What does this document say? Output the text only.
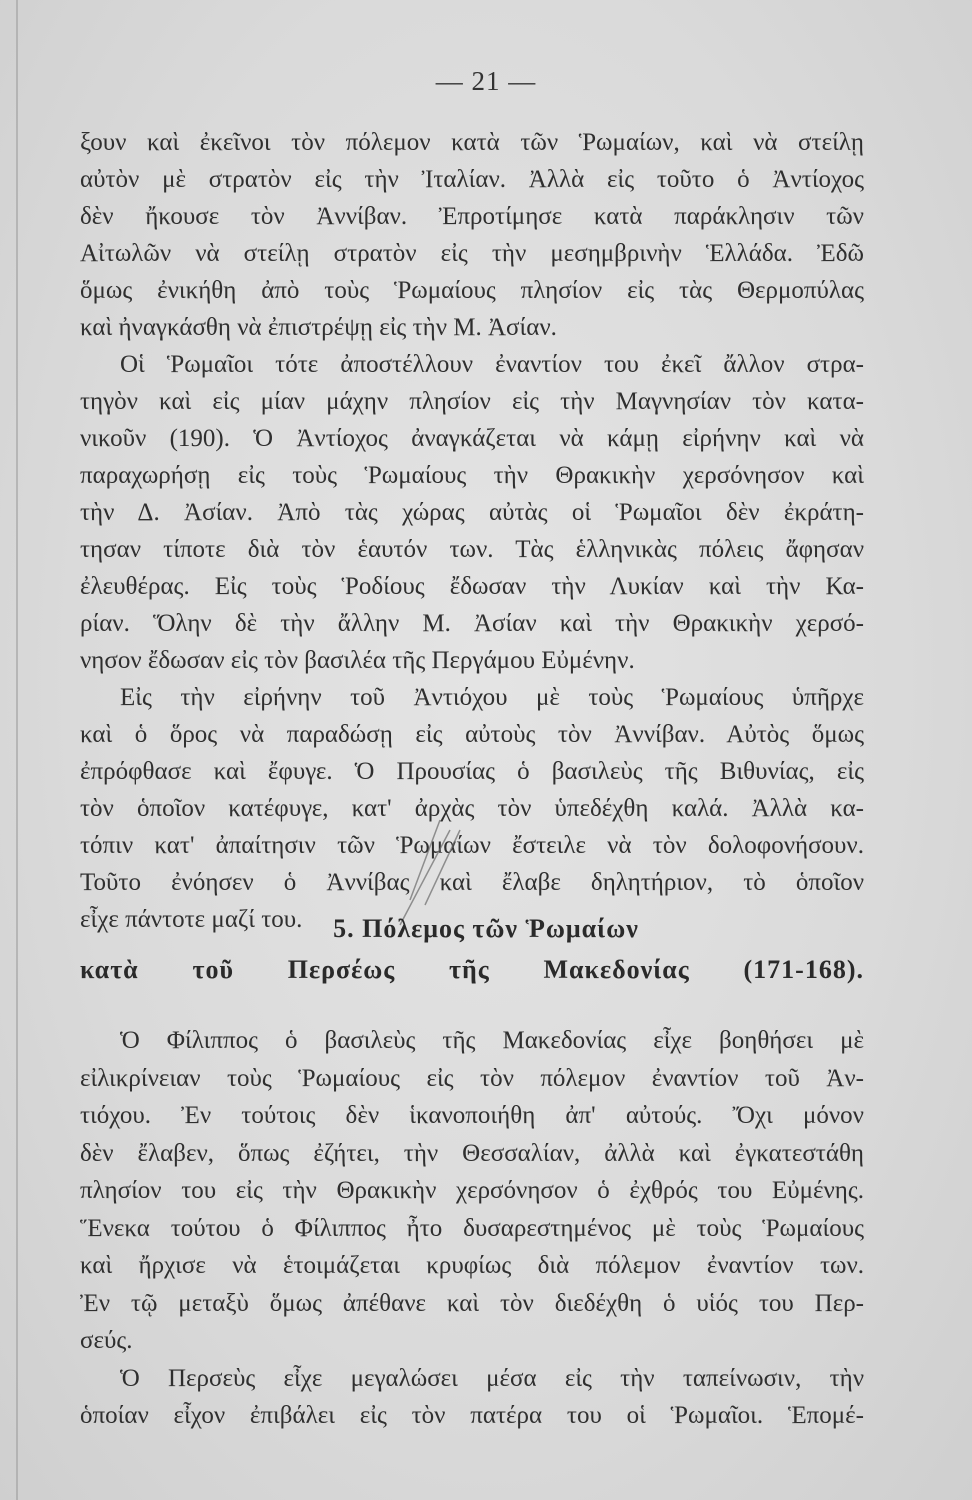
— 21 —
ξουν καὶ ἐκεῖνοι τὸν πόλεμον κατὰ τῶν Ῥωμαίων, καὶ νὰ στείλῃ
αὐτὸν μὲ στρατὸν εἰς τὴν Ἰταλίαν. Ἀλλὰ εἰς τοῦτο ὁ Ἀντίοχος
δὲν ἤκουσε τὸν Ἀννίβαν. Ἐπροτίμησε κατὰ παράκλησιν τῶν
Αἰτωλῶν νὰ στείλῃ στρατὸν εἰς τὴν μεσημβρινὴν Ἑλλάδα. Ἐδῶ
ὅμως ἐνικήθη ἀπὸ τοὺς Ῥωμαίους πλησίον εἰς τὰς Θερμοπύλας
καὶ ἠναγκάσθη νὰ ἐπιστρέψῃ εἰς τὴν Μ. Ἀσίαν.
Οἱ Ῥωμαῖοι τότε ἀποστέλλουν ἐναντίον του ἐκεῖ ἄλλον στρα-
τηγὸν καὶ εἰς μίαν μάχην πλησίον εἰς τὴν Μαγνησίαν τὸν κατα-
νικοῦν (190). Ὁ Ἀντίοχος ἀναγκάζεται νὰ κάμῃ εἰρήνην καὶ νὰ
παραχωρήσῃ εἰς τοὺς Ῥωμαίους τὴν Θρακικὴν χερσόνησον καὶ
τὴν Δ. Ἀσίαν. Ἀπὸ τὰς χώρας αὐτὰς οἱ Ῥωμαῖοι δὲν ἐκράτη-
τησαν τίποτε διὰ τὸν ἑαυτόν των. Τὰς ἑλληνικὰς πόλεις ἄφησαν
ἐλευθέρας. Εἰς τοὺς Ῥοδίους ἔδωσαν τὴν Λυκίαν καὶ τὴν Κα-
ρίαν. Ὅλην δὲ τὴν ἄλλην Μ. Ἀσίαν καὶ τὴν Θρακικὴν χερσό-
νησον ἔδωσαν εἰς τὸν βασιλέα τῆς Περγάμου Εὐμένην.
Εἰς τὴν εἰρήνην τοῦ Ἀντιόχου μὲ τοὺς Ῥωμαίους ὑπῆρχε
καὶ ὁ ὅρος νὰ παραδώσῃ εἰς αὐτοὺς τὸν Ἀννίβαν. Αὐτὸς ὅμως
ἐπρόφθασε καὶ ἔφυγε. Ὁ Προυσίας ὁ βασιλεὺς τῆς Βιθυνίας, εἰς
τὸν ὁποῖον κατέφυγε, κατ' ἀρχὰς τὸν ὑπεδέχθη καλά. Ἀλλὰ κα-
τόπιν κατ' ἀπαίτησιν τῶν Ῥωμαίων ἔστειλε νὰ τὸν δολοφονήσουν.
Τοῦτο ἐνόησεν ὁ Ἀννίβας καὶ ἔλαβε δηλητήριον, τὸ ὁποῖον
εἶχε πάντοτε μαζί του.	5. Πόλεμος τῶν Ῥωμαίων
κατὰ τοῦ Περσέως τῆς Μακεδονίας (171-168).
Ὁ Φίλιππος ὁ βασιλεὺς τῆς Μακεδονίας εἶχε βοηθήσει μὲ
εἰλικρίνειαν τοὺς Ῥωμαίους εἰς τὸν πόλεμον ἐναντίον τοῦ Ἀν-
τιόχου. Ἐν τούτοις δὲν ἱκανοποιήθη ἀπ' αὐτούς. Ὄχι μόνον
δὲν ἔλαβεν, ὅπως ἐζήτει, τὴν Θεσσαλίαν, ἀλλὰ καὶ ἐγκατεστάθη
πλησίον του εἰς τὴν Θρακικὴν χερσόνησον ὁ ἐχθρός του Εὐμένης.
Ἕνεκα τούτου ὁ Φίλιππος ἦτο δυσαρεστημένος μὲ τοὺς Ῥωμαίους
καὶ ἤρχισε νὰ ἑτοιμάζεται κρυφίως διὰ πόλεμον ἐναντίον των.
Ἐν τῷ μεταξὺ ὅμως ἀπέθανε καὶ τὸν διεδέχθη ὁ υἱός του Περ-
σεύς.
Ὁ Περσεὺς εἶχε μεγαλώσει μέσα εἰς τὴν ταπείνωσιν, τὴν
ὁποίαν εἶχον ἐπιβάλει εἰς τὸν πατέρα του οἱ Ῥωμαῖοι. Ἑπομέ-
